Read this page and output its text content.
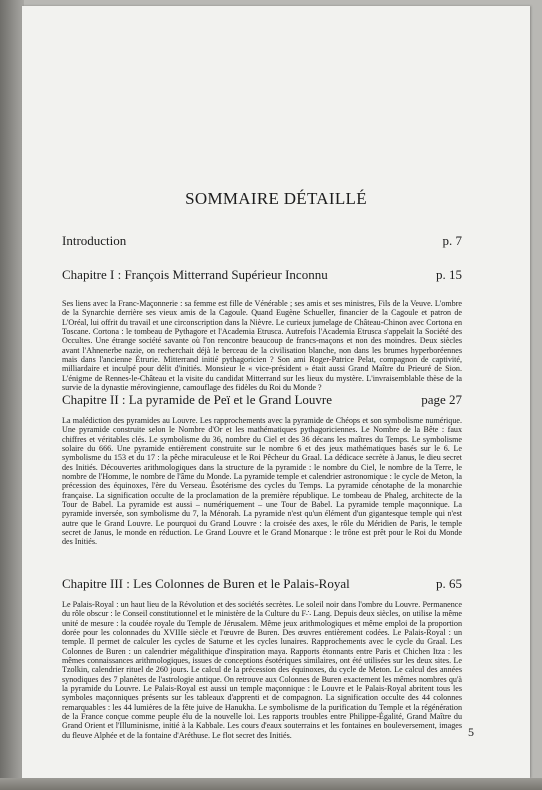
SOMMAIRE DÉTAILLÉ
Introduction	p. 7
Chapitre I : François Mitterrand Supérieur Inconnu	p. 15
Ses liens avec la Franc-Maçonnerie : sa femme est fille de Vénérable ; ses amis et ses ministres, Fils de la Veuve. L'ombre de la Synarchie derrière ses vieux amis de la Cagoule. Quand Eugène Schueller, financier de la Cagoule et patron de L'Oréal, lui offrit du travail et une circonscription dans la Nièvre. Le curieux jumelage de Château-Chinon avec Cortona en Toscane. Cortona : le tombeau de Pythagore et l'Academia Etrusca. Autrefois l'Academia Etrusca s'appelait la Société des Occultes. Une étrange société savante où l'on rencontre beaucoup de francs-maçons et non des moindres. Deux siècles avant l'Ahnenerbe nazie, on recherchait déjà le berceau de la civilisation blanche, non dans les brumes hyperboréennes mais dans l'ancienne Étrurie. Mitterrand initié pythagoricien ? Son ami Roger-Patrice Pelat, compagnon de captivité, milliardaire et inculpé pour délit d'initiés. Monsieur le « vice-président » était aussi Grand Maître du Prieuré de Sion. L'énigme de Rennes-le-Château et la visite du candidat Mitterrand sur les lieux du mystère. L'invraisemblable thèse de la survie de la dynastie mérovingienne, camouflage des fidèles du Roi du Monde ?
Chapitre II : La pyramide de Peï et le Grand Louvre	page 27
La malédiction des pyramides au Louvre. Les rapprochements avec la pyramide de Chéops et son symbolisme numérique. Une pyramide construite selon le Nombre d'Or et les mathématiques pythagoriciennes. Le Nombre de la Bête : faux chiffres et véritables clés. Le symbolisme du 36, nombre du Ciel et des 36 décans les maîtres du Temps. Le symbolisme solaire du 666. Une pyramide entièrement construite sur le nombre 6 et des jeux mathématiques basés sur le 6. Le symbolisme du 153 et du 17 : la pêche miraculeuse et le Roi Pêcheur du Graal. La dédicace secrète à Janus, le dieu secret des Initiés. Découvertes arithmologiques dans la structure de la pyramide : le nombre du Ciel, le nombre de la Terre, le nombre de l'Homme, le nombre de l'âme du Monde. La pyramide temple et calendrier astronomique : le cycle de Meton, la précession des équinoxes, l'ère du Verseau. Ésotérisme des cycles du Temps. La pyramide cénotaphe de la monarchie française. La signification occulte de la proclamation de la première république. Le tombeau de Phaleg, architecte de la Tour de Babel. La pyramide est aussi – numériquement – une Tour de Babel. La pyramide temple maçonnique. La pyramide inversée, son symbolisme du 7, la Ménorah. La pyramide n'est qu'un élément d'un gigantesque temple qui n'est autre que le Grand Louvre. Le pourquoi du Grand Louvre : la croisée des axes, le rôle du Méridien de Paris, le temple secret de Janus, le monde en réduction. Le Grand Louvre et le Grand Monarque : le trône est prêt pour le Roi du Monde des Initiés.
Chapitre III : Les Colonnes de Buren et le Palais-Royal	p. 65
Le Palais-Royal : un haut lieu de la Révolution et des sociétés secrètes. Le soleil noir dans l'ombre du Louvre. Permanence du rôle obscur : le Conseil constitutionnel et le ministère de la Culture du F∴ Lang. Depuis deux siècles, on utilise la même unité de mesure : la coudée royale du Temple de Jérusalem. Même jeux arithmologiques et même emploi de la proportion dorée pour les colonnades du XVIIIe siècle et l'œuvre de Buren. Des œuvres entièrement codées. Le Palais-Royal : un temple. Il permet de calculer les cycles de Saturne et les cycles lunaires. Rapprochements avec le cycle du Graal. Les Colonnes de Buren : un calendrier mégalithique d'inspiration maya. Rapports étonnants entre Paris et Chichen Itza : les mêmes connaissances arithmologiques, issues de conceptions ésotériques similaires, ont été utilisées sur les deux sites. Le Tzolkin, calendrier rituel de 260 jours. Le calcul de la précession des équinoxes, du cycle de Meton. Le calcul des années synodiques des 7 planètes de l'astrologie antique. On retrouve aux Colonnes de Buren exactement les mêmes nombres qu'à la pyramide du Louvre. Le Palais-Royal est aussi un temple maçonnique : le Louvre et le Palais-Royal abritent tous les symboles maçonniques présents sur les tableaux d'apprenti et de compagnon. La signification occulte des 44 colonnes remarquables : les 44 lumières de la fête juive de Hanukha. Le symbolisme de la purification du Temple et la régénération de la France conçue comme peuple élu de la nouvelle loi. Les rapports troubles entre Philippe-Égalité, Grand Maître du Grand Orient et l'Illuminisme, initié à la Kabbale. Les cours d'eaux souterrains et les fontaines en bouleversement, images du fleuve Alphée et de la fontaine d'Aréthuse. Le flot secret des Initiés.	5
